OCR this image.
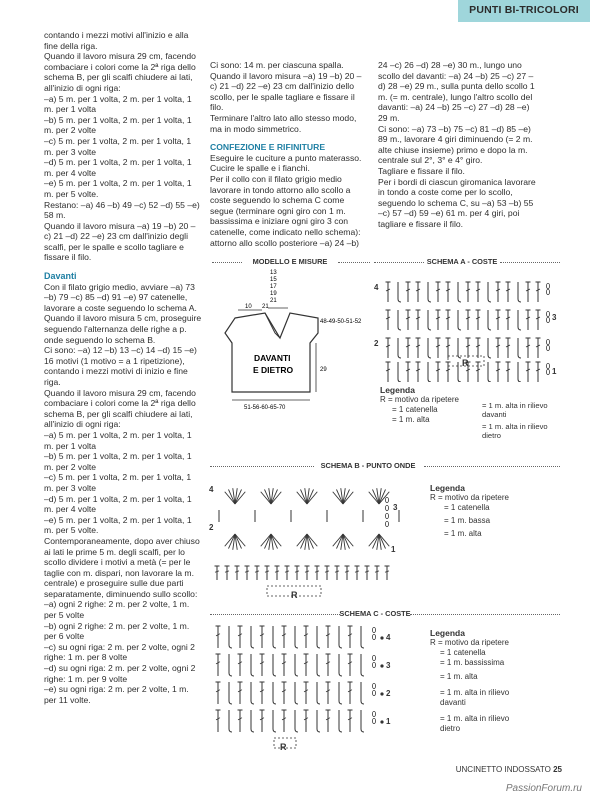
PUNTI BI-TRICOLORI

contando i mezzi motivi all'inizio e alla fine della riga.

Quando il lavoro misura 29 cm, facendo combaciare i colori come la 2ª riga dello schema B, per gli scalfi chiudere ai lati, all'inizio di ogni riga:

–a) 5 m. per 1 volta, 2 m. per 1 volta, 1 m. per 1 volta

–b) 5 m. per 1 volta, 2 m. per 1 volta, 1 m. per 2 volte

–c) 5 m. per 1 volta, 2 m. per 1 volta, 1 m. per 3 volte

–d) 5 m. per 1 volta, 2 m. per 1 volta, 1 m. per 4 volte

–e) 5 m. per 1 volta, 2 m. per 1 volta, 1 m. per 5 volte.

Restano: –a) 46 –b) 49 –c) 52 –d) 55 –e) 58 m.

Quando il lavoro misura –a) 19 –b) 20 –c) 21 –d) 22 –e) 23 cm dall'inizio degli scalfi, per le spalle e scollo tagliare e fissare il filo.

Davanti

Con il filato grigio medio, avviare –a) 73 –b) 79 –c) 85 –d) 91 –e) 97 catenelle, lavorare a coste seguendo lo schema A.

Quando il lavoro misura 5 cm, proseguire seguendo l'alternanza delle righe a p. onde seguendo lo schema B.

Ci sono: –a) 12 –b) 13 –c) 14 –d) 15 –e) 16 motivi (1 motivo = a 1 ripetizione), contando i mezzi motivi di inizio e fine riga.

Quando il lavoro misura 29 cm, facendo combaciare i colori come la 2ª riga dello schema B, per gli scalfi chiudere ai lati, all'inizio di ogni riga:

–a) 5 m. per 1 volta, 2 m. per 1 volta, 1 m. per 1 volta

–b) 5 m. per 1 volta, 2 m. per 1 volta, 1 m. per 2 volte

–c) 5 m. per 1 volta, 2 m. per 1 volta, 1 m. per 3 volte

–d) 5 m. per 1 volta, 2 m. per 1 volta, 1 m. per 4 volte

–e) 5 m. per 1 volta, 2 m. per 1 volta, 1 m. per 5 volte.

Contemporaneamente, dopo aver chiuso ai lati le prime 5 m. degli scalfi, per lo scollo dividere i motivi a metà (= per le taglie con m. dispari, non lavorare la m. centrale) e proseguire sulle due parti separatamente, diminuendo sullo scollo:

–a) ogni 2 righe: 2 m. per 2 volte, 1 m. per 5 volte

–b) ogni 2 righe: 2 m. per 2 volte, 1 m. per 6 volte

–c) su ogni riga: 2 m. per 2 volte, ogni 2 righe: 1 m. per 8 volte

–d) su ogni riga: 2 m. per 2 volte, ogni 2 righe: 1 m. per 9 volte

–e) su ogni riga: 2 m. per 2 volte, 1 m. per 11 volte.

Ci sono: 14 m. per ciascuna spalla.

Quando il lavoro misura –a) 19 –b) 20 –c) 21 –d) 22 –e) 23 cm dall'inizio dello scollo, per le spalle tagliare e fissare il filo.

Terminare l'altro lato allo stesso modo, ma in modo simmetrico.

CONFEZIONE E RIFINITURE

Eseguire le cuciture a punto materasso.

Cucire le spalle e i fianchi.

Per il collo con il filato grigio medio lavorare in tondo attorno allo scollo a coste seguendo lo schema C come segue (terminare ogni giro con 1 m. bassissima e iniziare ogni giro 3 con catenelle, come indicato nello schema):

attorno allo scollo posteriore –a) 24 –b)

24 –c) 26 –d) 28 –e) 30 m., lungo uno scollo del davanti: –a) 24 –b) 25 –c) 27 –d) 28 –e) 29 m., sulla punta dello scollo 1 m. (= m. centrale), lungo l'altro scollo del davanti: –a) 24 –b) 25 –c) 27 –d) 28 –e) 29 m.

Ci sono: –a) 73 –b) 75 –c) 81 –d) 85 –e) 89 m., lavorare 4 giri diminuendo (= 2 m. alte chiuse insieme) primo e dopo la m. centrale sul 2°, 3° e 4° giro.

Tagliare e fissare il filo.

Per i bordi di ciascun giromanica lavorare in tondo a coste come per lo scollo, seguendo lo schema C, su –a) 53 –b) 55 –c) 57 –d) 59 –e) 61 m. per 4 giri, poi tagliare e fissare il filo.

MODELLO E MISURE
13
15
17
19
21
10 21
48-49-50-51-52
29
DAVANTI
E DIETRO
51-56-60-65-70
SCHEMA A - COSTE
4
3
2
1
R
Legenda
R = motivo da ripetere
= 1 catenella
= 1 m. alta
= 1 m. alta in rilievo davanti
= 1 m. alta in rilievo dietro
SCHEMA B - PUNTO ONDE
4
3
2
1
R
Legenda
R = motivo da ripetere
= 1 catenella
= 1 m. bassa
= 1 m. alta
SCHEMA C - COSTE
4
3
2
1
R
Legenda
R = motivo da ripetere
= 1 catenella
= 1 m. bassissima
= 1 m. alta
= 1 m. alta in rilievo davanti
= 1 m. alta in rilievo dietro
UNCINETTO INDOSSATO 25
PassionForum.ru
